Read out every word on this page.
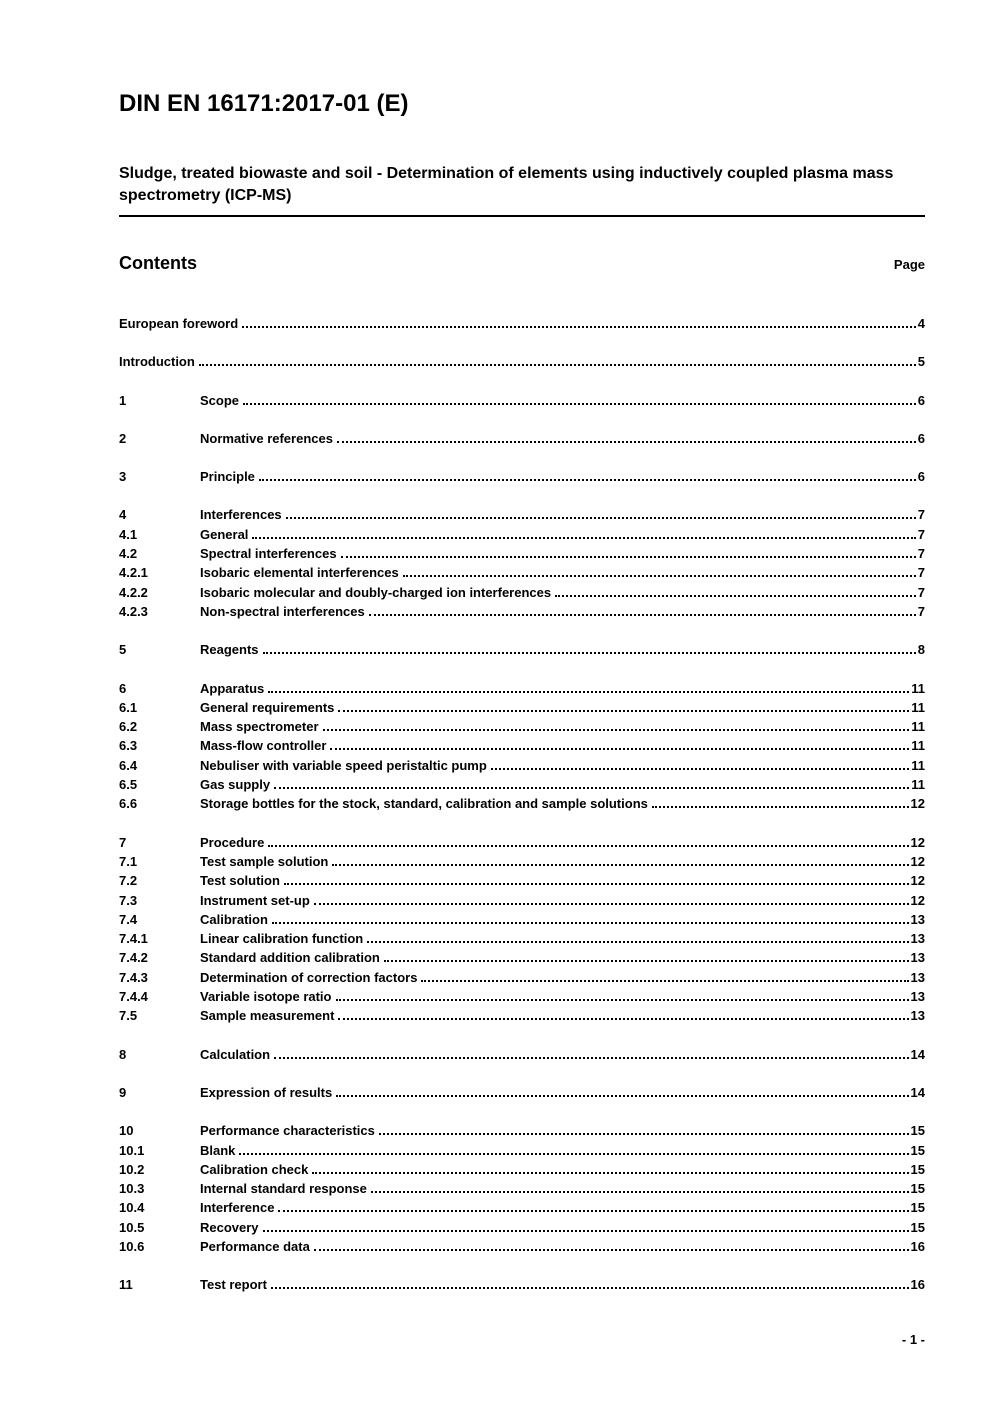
DIN EN 16171:2017-01 (E)

Sludge, treated biowaste and soil - Determination of elements using inductively coupled plasma mass spectrometry (ICP-MS)

Contents	Page
European foreword	4
Introduction	5
1	Scope	6
2	Normative references	6
3	Principle	6
4	Interferences	7
4.1	General	7
4.2	Spectral interferences	7
4.2.1	Isobaric elemental interferences	7
4.2.2	Isobaric molecular and doubly-charged ion interferences	7
4.2.3	Non-spectral interferences	7
5	Reagents	8
6	Apparatus	11
6.1	General requirements	11
6.2	Mass spectrometer	11
6.3	Mass-flow controller	11
6.4	Nebuliser with variable speed peristaltic pump	11
6.5	Gas supply	11
6.6	Storage bottles for the stock, standard, calibration and sample solutions	12
7	Procedure	12
7.1	Test sample solution	12
7.2	Test solution	12
7.3	Instrument set-up	12
7.4	Calibration	13
7.4.1	Linear calibration function	13
7.4.2	Standard addition calibration	13
7.4.3	Determination of correction factors	13
7.4.4	Variable isotope ratio	13
7.5	Sample measurement	13
8	Calculation	14
9	Expression of results	14
10	Performance characteristics	15
10.1	Blank	15
10.2	Calibration check	15
10.3	Internal standard response	15
10.4	Interference	15
10.5	Recovery	15
10.6	Performance data	16
11	Test report	16
- 1 -
